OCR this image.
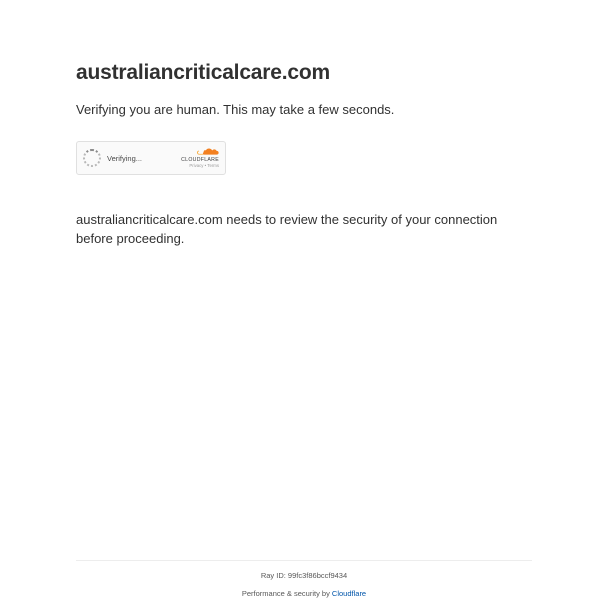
australiancriticalcare.com

Verifying you are human. This may take a few seconds.

Verifying...	CLOUDFLARE
Privacy • Terms

australiancriticalcare.com needs to review the security of your connection before proceeding.

Ray ID: 99fc3f86bccf9434
Performance & security by Cloudflare
